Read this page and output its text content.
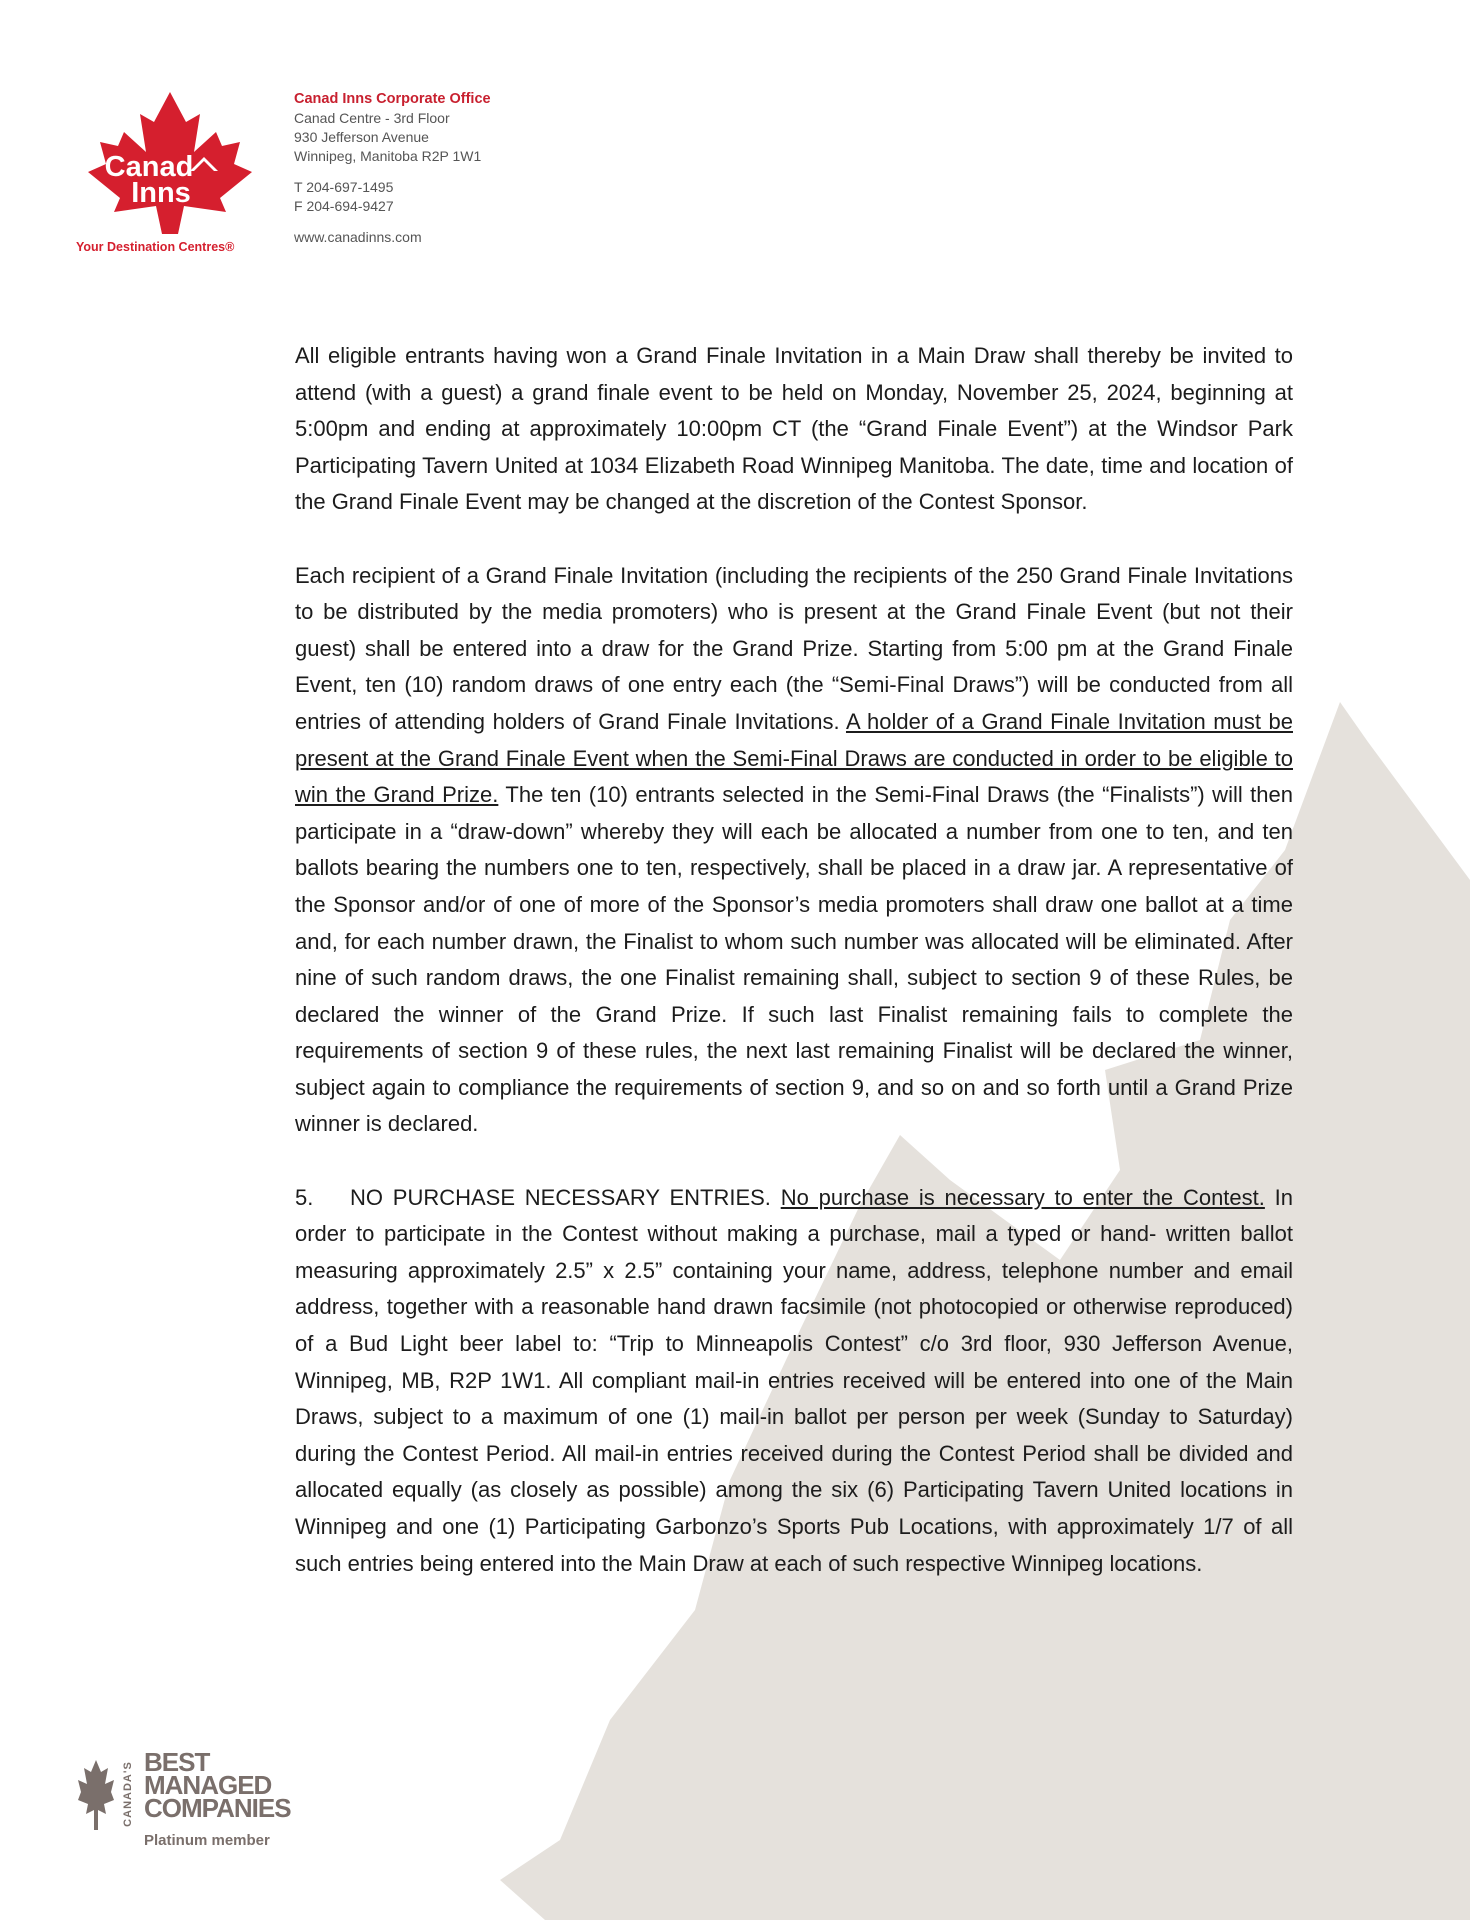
Canad
Inns
Your Destination Centres®
Canad Inns Corporate Office
Canad Centre - 3rd Floor
930 Jefferson Avenue
Winnipeg, Manitoba R2P 1W1
T 204-697-1495
F 204-694-9427
www.canadinns.com

All eligible entrants having won a Grand Finale Invitation in a Main Draw shall thereby be invited to attend (with a guest) a grand finale event to be held on Monday, November 25, 2024, beginning at 5:00pm and ending at approximately 10:00pm CT (the “Grand Finale Event”) at the Windsor Park Participating Tavern United at 1034 Elizabeth Road Winnipeg Manitoba. The date, time and location of the Grand Finale Event may be changed at the discretion of the Contest Sponsor.

Each recipient of a Grand Finale Invitation (including the recipients of the 250 Grand Finale Invitations to be distributed by the media promoters) who is present at the Grand Finale Event (but not their guest) shall be entered into a draw for the Grand Prize. Starting from 5:00 pm at the Grand Finale Event, ten (10) random draws of one entry each (the “Semi-Final Draws”) will be conducted from all entries of attending holders of Grand Finale Invitations. A holder of a Grand Finale Invitation must be present at the Grand Finale Event when the Semi-Final Draws are conducted in order to be eligible to win the Grand Prize. The ten (10) entrants selected in the Semi-Final Draws (the “Finalists”) will then participate in a “draw-down” whereby they will each be allocated a number from one to ten, and ten ballots bearing the numbers one to ten, respectively, shall be placed in a draw jar. A representative of the Sponsor and/or of one of more of the Sponsor’s media promoters shall draw one ballot at a time and, for each number drawn, the Finalist to whom such number was allocated will be eliminated. After nine of such random draws, the one Finalist remaining shall, subject to section 9 of these Rules, be declared the winner of the Grand Prize. If such last Finalist remaining fails to complete the requirements of section 9 of these rules, the next last remaining Finalist will be declared the winner, subject again to compliance the requirements of section 9, and so on and so forth until a Grand Prize winner is declared.

5. NO PURCHASE NECESSARY ENTRIES. No purchase is necessary to enter the Contest. In order to participate in the Contest without making a purchase, mail a typed or hand- written ballot measuring approximately 2.5” x 2.5” containing your name, address, telephone number and email address, together with a reasonable hand drawn facsimile (not photocopied or otherwise reproduced) of a Bud Light beer label to: “Trip to Minneapolis Contest” c/o 3rd floor, 930 Jefferson Avenue, Winnipeg, MB, R2P 1W1. All compliant mail-in entries received will be entered into one of the Main Draws, subject to a maximum of one (1) mail-in ballot per person per week (Sunday to Saturday) during the Contest Period. All mail-in entries received during the Contest Period shall be divided and allocated equally (as closely as possible) among the six (6) Participating Tavern United locations in Winnipeg and one (1) Participating Garbonzo’s Sports Pub Locations, with approximately 1/7 of all such entries being entered into the Main Draw at each of such respective Winnipeg locations.

CANADA'S BEST
MANAGED
COMPANIES
Platinum member
